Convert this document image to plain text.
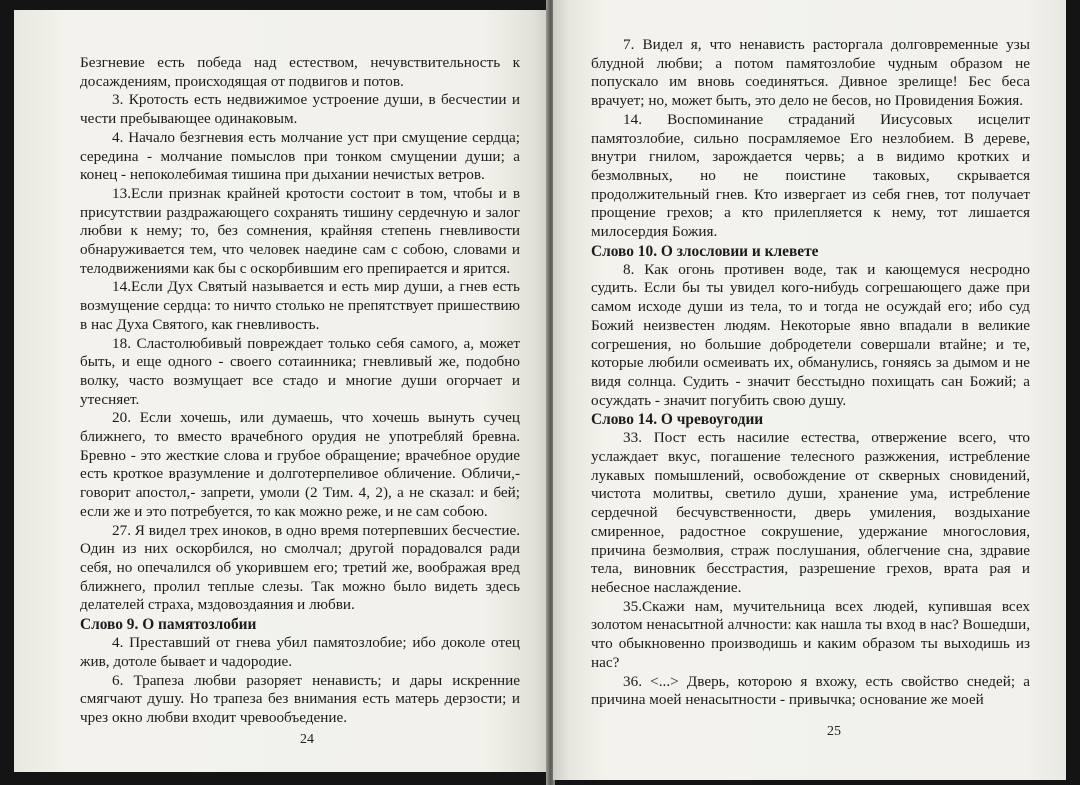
Безгневие есть победа над естеством, нечувствительность к досаждениям, происходящая от подвигов и потов.

3. Кротость есть недвижимое устроение души, в бесчестии и чести пребывающее одинаковым.

4. Начало безгневия есть молчание уст при смущение сердца; середина - молчание помыслов при тонком смущении души; а конец - непоколебимая тишина при дыхании нечистых ветров.

13.Если признак крайней кротости состоит в том, чтобы и в присутствии раздражающего сохранять тишину сердечную и залог любви к нему; то, без сомнения, крайняя степень гневливости обнаруживается тем, что человек наедине сам с собою, словами и телодвижениями как бы с оскорбившим его препирается и ярится.

14.Если Дух Святый называется и есть мир души, а гнев есть возмущение сердца: то ничто столько не препятствует пришествию в нас Духа Святого, как гневливость.

18. Сластолюбивый повреждает только себя самого, а, может быть, и еще одного - своего сотаинника; гневливый же, подобно волку, часто возмущает все стадо и многие души огорчает и утесняет.

20. Если хочешь, или думаешь, что хочешь вынуть сучец ближнего, то вместо врачебного орудия не употребляй бревна. Бревно - это жесткие слова и грубое обращение; врачебное орудие есть кроткое вразумление и долготерпеливое обличение. Обличи,- говорит апостол,- запрети, умоли (2 Тим. 4, 2), а не сказал: и бей; если же и это потребуется, то как можно реже, и не сам собою.

27. Я видел трех иноков, в одно время потерпевших бесчестие. Один из них оскорбился, но смолчал; другой порадовался ради себя, но опечалился об укорившем его; третий же, воображая вред ближнего, пролил теплые слезы. Так можно было видеть здесь делателей страха, мздовоздаяния и любви.

Слово 9. О памятозлобии

4. Преставший от гнева убил памятозлобие; ибо доколе отец жив, дотоле бывает и чадородие.

6. Трапеза любви разоряет ненависть; и дары искренние смягчают душу. Но трапеза без внимания есть матерь дерзости; и чрез окно любви входит чревообъедение.

24

7. Видел я, что ненависть расторгала долговременные узы блудной любви; а потом памятозлобие чудным образом не попускало им вновь соединяться. Дивное зрелище! Бес беса врачует; но, может быть, это дело не бесов, но Провидения Божия.

14. Воспоминание страданий Иисусовых исцелит памятозлобие, сильно посрамляемое Его незлобием. В дереве, внутри гнилом, зарождается червь; а в видимо кротких и безмолвных, но не поистине таковых, скрывается продолжительный гнев. Кто извергает из себя гнев, тот получает прощение грехов; а кто прилепляется к нему, тот лишается милосердия Божия.

Слово 10. О злословии и клевете

8. Как огонь противен воде, так и кающемуся несродно судить. Если бы ты увидел кого-нибудь согрешающего даже при самом исходе души из тела, то и тогда не осуждай его; ибо суд Божий неизвестен людям. Некоторые явно впадали в великие согрешения, но большие добродетели совершали втайне; и те, которые любили осмеивать их, обманулись, гоняясь за дымом и не видя солнца. Судить - значит бесстыдно похищать сан Божий; а осуждать - значит погубить свою душу.

Слово 14. О чревоугодии

33. Пост есть насилие естества, отвержение всего, что услаждает вкус, погашение телесного разжжения, истребление лукавых помышлений, освобождение от скверных сновидений, чистота молитвы, светило души, хранение ума, истребление сердечной бесчувственности, дверь умиления, воздыхание смиренное, радостное сокрушение, удержание многословия, причина безмолвия, страж послушания, облегчение сна, здравие тела, виновник бесстрастия, разрешение грехов, врата рая и небесное наслаждение.

35.Скажи нам, мучительница всех людей, купившая всех золотом ненасытной алчности: как нашла ты вход в нас? Вошедши, что обыкновенно производишь и каким образом ты выходишь из нас?

36. <...> Дверь, которою я вхожу, есть свойство снедей; а причина моей ненасытности - привычка; основание же моей

25
